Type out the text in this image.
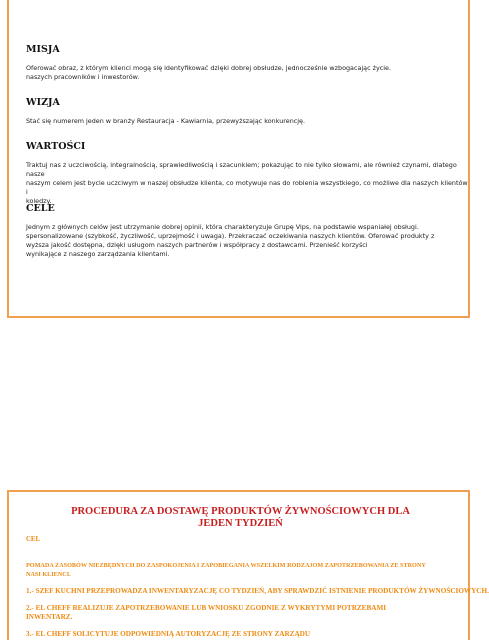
MISJA
Oferować obraz, z którym klienci mogą się identyfikować dzięki dobrej obsłudze, jednocześnie wzbogacając życie.
naszych pracowników i inwestorów.
WIZJA
Stać się numerem jeden w branży Restauracja - Kawiarnia, przewyższając konkurencję.
WARTOŚCI
Traktuj nas z uczciwością, integralnością, sprawiedliwością i szacunkiem; pokazując to nie tylko słowami, ale również czynami, dlatego nasze
naszym celem jest bycie uczciwym w naszej obsłudze klienta, co motywuje nas do robienia wszystkiego, co możliwe dla naszych klientów i
koledzy.
CELE
Jednym z głównych celów jest utrzymanie dobrej opinii, która charakteryzuje Grupę Vips, na podstawie wspaniałej obsługi.
spersonalizowane (szybkość, życzliwość, uprzejmość i uwaga). Przekraczać oczekiwania naszych klientów. Oferować produkty z
wyższa jakość dostępna, dzięki usługom naszych partnerów i współpracy z dostawcami. Przenieść korzyści
wynikające z naszego zarządzania klientami.
PROCEDURA ZA DOSTAWĘ PRODUKTÓW ŻYWNOŚCIOWYCH DLA
JEDEN TYDZIEŃ
CEL
POMADA ZASOBÓW NIEZBĘDNYCH DO ZASPOKOJENIA I ZAPOBIEGANIA WSZELKIM RODZAJOM ZAPOTRZEBOWANIA ZE STRONY
NASI KLIENCI.
1.- SZEF KUCHNI PRZEPROWADZA INWENTARYZACJĘ CO TYDZIEŃ, ABY SPRAWDZIĆ ISTNIENIE PRODUKTÓW ŻYWNOŚCIOWYCH.
2.- EL CHEFF REALIZUJE ZAPOTRZEBOWANIE LUB WNIOSKU ZGODNIE Z WYKRYTYMI POTRZEBAMI
INWENTARZ.
3.- EL CHEFF SOLICYTUJE ODPOWIEDNIĄ AUTORYZACJĘ ZE STRONY ZARZĄDU
